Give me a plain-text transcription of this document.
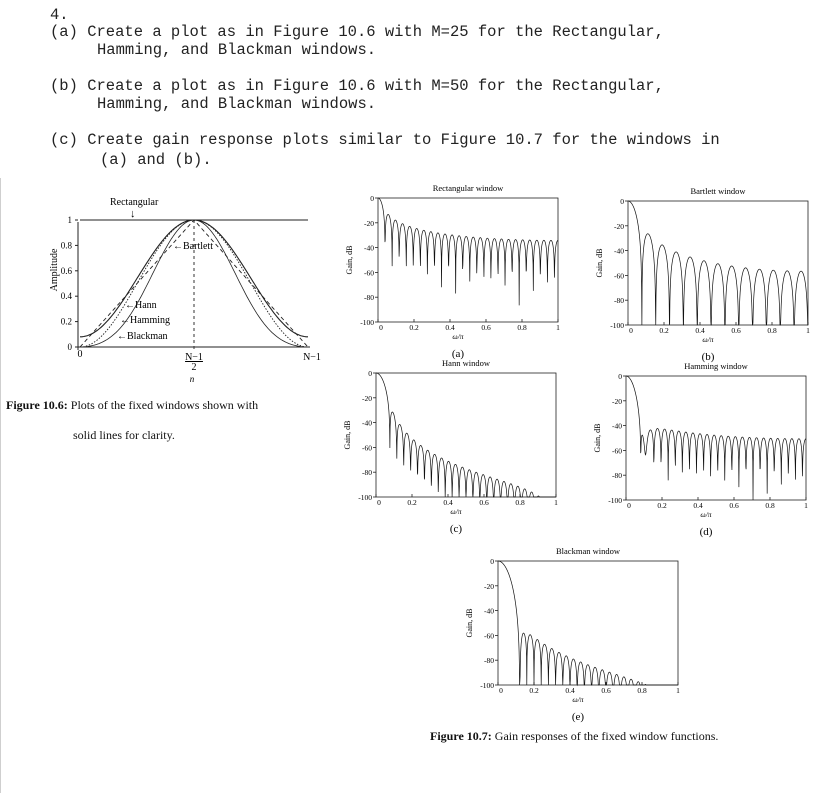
4.
(a) Create a plot as in Figure 10.6 with M=25 for the Rectangular,
Hamming, and Blackman windows.
(b) Create a plot as in Figure 10.6 with M=50 for the Rectangular,
Hamming, and Blackman windows.
(c) Create gain response plots similar to Figure 10.7 for the windows in
(a) and (b).
Amplitude
0
0.2
0.4
0.6
0.8
1
0	N−1
2
N−1
n
Rectangular
↓
←Bartlett
←Hann
←Hamming
←Blackman
Figure 10.6: Plots of the fixed windows shown with
solid lines for clarity.
Rectangular window
0
-20
-40
-60
-80
-100
0	0.2	0.4	0.6	0.8	1
Gain, dB
ω/π
(a)
Bartlett window
0
-20
-40
-60
-80
-100
0	0.2	0.4	0.6	0.8	1
Gain, dB
ω/π
(b)
Hann window
0
-20
-40
-60
-80
-100
0	0.2	0.4	0.6	0.8	1
Gain, dB
ω/π
(c)
Hamming window
0
-20
-40
-60
-80
-100
0	0.2	0.4	0.6	0.8	1
Gain, dB
ω/π
(d)
Blackman window
0
-20
-40
-60
-80
-100
0	0.2	0.4	0.6	0.8	1
Gain, dB
ω/π
(e)
Figure 10.7: Gain responses of the fixed window functions.
